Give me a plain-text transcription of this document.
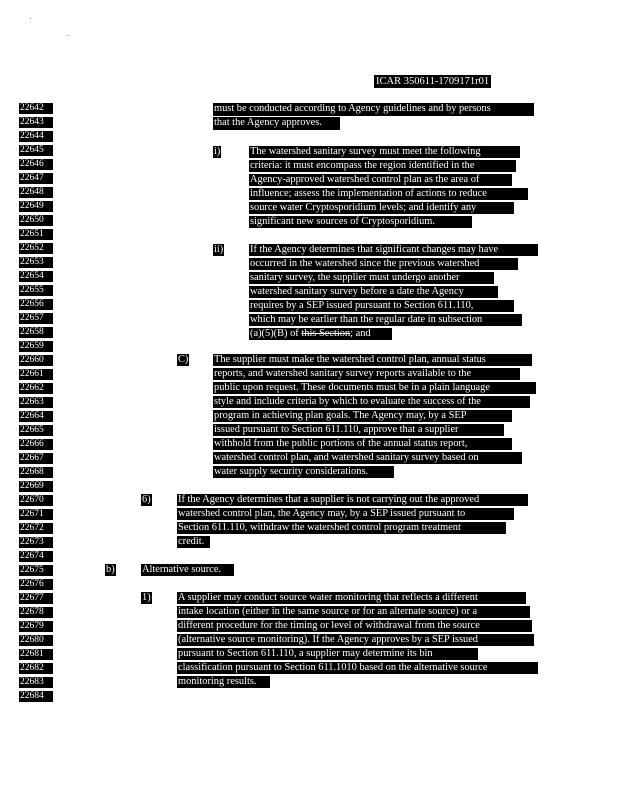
ICAR 350611-1709171r01
22642
22643
22644
22645
22646
22647
22648
22649
22650
22651
22652
22653
22654
22655
22656
22657
22658
22659
22660
22661
22662
22663
22664
22665
22666
22667
22668
22669
22670
22671
22672
22673
22674
22675
22676
22677
22678
22679
22680
22681
22682
22683
22684
must be conducted according to Agency guidelines and by persons
that the Agency approves.
i)	The watershed sanitary survey must meet the following
criteria: it must encompass the region identified in the
Agency-approved watershed control plan as the area of
influence; assess the implementation of actions to reduce
source water Cryptosporidium levels; and identify any
significant new sources of Cryptosporidium.
ii)	If the Agency determines that significant changes may have
occurred in the watershed since the previous watershed
sanitary survey, the supplier must undergo another
watershed sanitary survey before a date the Agency
requires by a SEP issued pursuant to Section 611.110,
which may be earlier than the regular date in subsection
(a)(5)(B) of this Section; and
C) The supplier must make the watershed control plan, annual status
reports, and watershed sanitary survey reports available to the
public upon request. These documents must be in a plain language
style and include criteria by which to evaluate the success of the
program in achieving plan goals. The Agency may, by a SEP
issued pursuant to Section 611.110, approve that a supplier
withhold from the public portions of the annual status report,
watershed control plan, and watershed sanitary survey based on
water supply security considerations.
6)	If the Agency determines that a supplier is not carrying out the approved
watershed control plan, the Agency may, by a SEP issued pursuant to
Section 611.110, withdraw the watershed control program treatment
credit.
b)	Alternative source.
1)	A supplier may conduct source water monitoring that reflects a different
intake location (either in the same source or for an alternate source) or a
different procedure for the timing or level of withdrawal from the source
(alternative source monitoring). If the Agency approves by a SEP issued
pursuant to Section 611.110, a supplier may determine its bin
classification pursuant to Section 611.1010 based on the alternative source
monitoring results.
